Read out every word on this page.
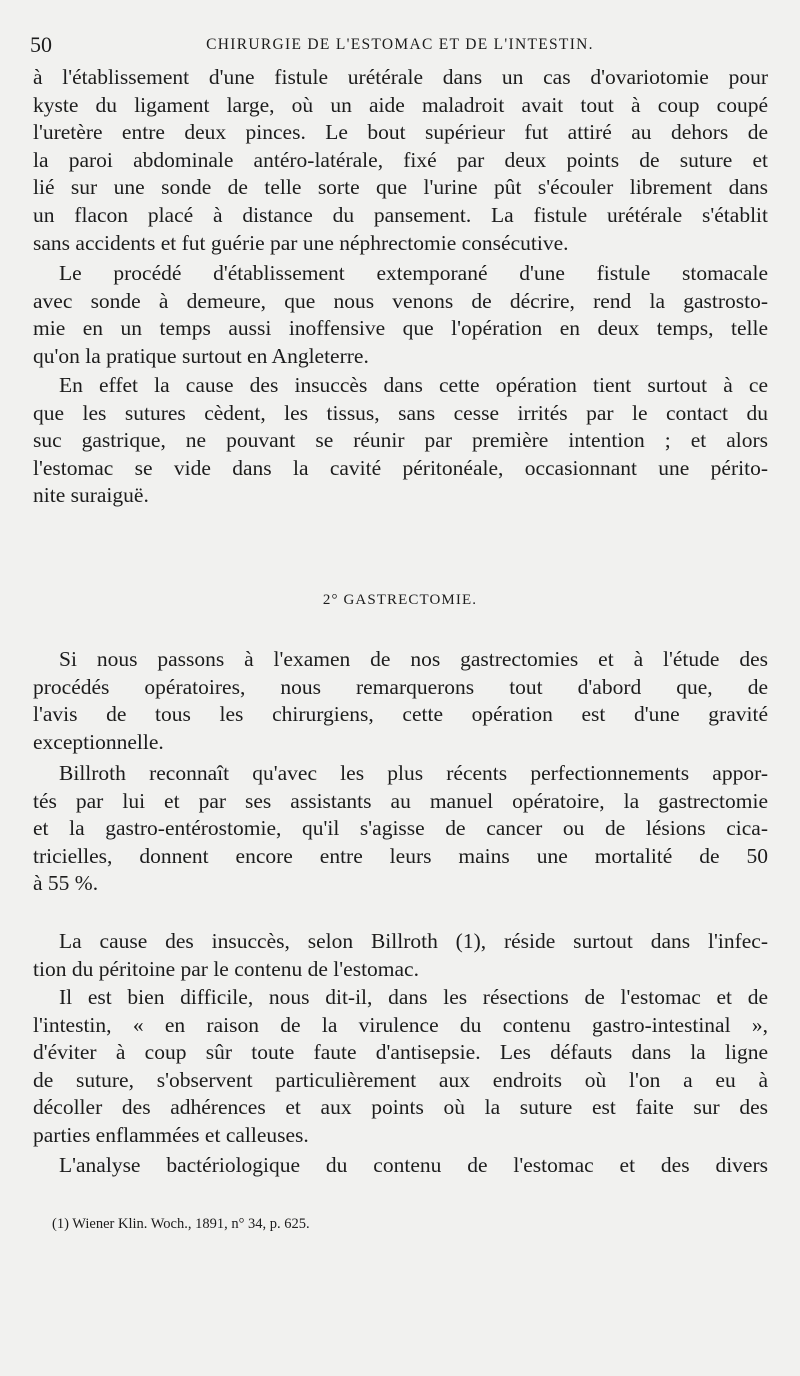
50	CHIRURGIE DE L'ESTOMAC ET DE L'INTESTIN.

à l'établissement d'une fistule urétérale dans un cas d'ovariotomie pour
kyste du ligament large, où un aide maladroit avait tout à coup coupé
l'uretère entre deux pinces. Le bout supérieur fut attiré au dehors de
la paroi abdominale antéro-latérale, fixé par deux points de suture et
lié sur une sonde de telle sorte que l'urine pût s'écouler librement dans
un flacon placé à distance du pansement. La fistule urétérale s'établit
sans accidents et fut guérie par une néphrectomie consécutive.

Le procédé d'établissement extemporané d'une fistule stomacale
avec sonde à demeure, que nous venons de décrire, rend la gastrosto-
mie en un temps aussi inoffensive que l'opération en deux temps, telle
qu'on la pratique surtout en Angleterre.

En effet la cause des insuccès dans cette opération tient surtout à ce
que les sutures cèdent, les tissus, sans cesse irrités par le contact du
suc gastrique, ne pouvant se réunir par première intention ; et alors
l'estomac se vide dans la cavité péritonéale, occasionnant une périto-
nite suraiguë.

2° GASTRECTOMIE.

Si nous passons à l'examen de nos gastrectomies et à l'étude des
procédés opératoires, nous remarquerons tout d'abord que, de
l'avis de tous les chirurgiens, cette opération est d'une gravité
exceptionnelle.

Billroth reconnaît qu'avec les plus récents perfectionnements appor-
tés par lui et par ses assistants au manuel opératoire, la gastrectomie
et la gastro-entérostomie, qu'il s'agisse de cancer ou de lésions cica-
tricielles, donnent encore entre leurs mains une mortalité de 50
à 55 %.

La cause des insuccès, selon Billroth (1), réside surtout dans l'infec-
tion du péritoine par le contenu de l'estomac.

Il est bien difficile, nous dit-il, dans les résections de l'estomac et de
l'intestin, « en raison de la virulence du contenu gastro-intestinal »,
d'éviter à coup sûr toute faute d'antisepsie. Les défauts dans la ligne
de suture, s'observent particulièrement aux endroits où l'on a eu à
décoller des adhérences et aux points où la suture est faite sur des
parties enflammées et calleuses.

L'analyse bactériologique du contenu de l'estomac et des divers

(1) Wiener Klin. Woch., 1891, n° 34, p. 625.
